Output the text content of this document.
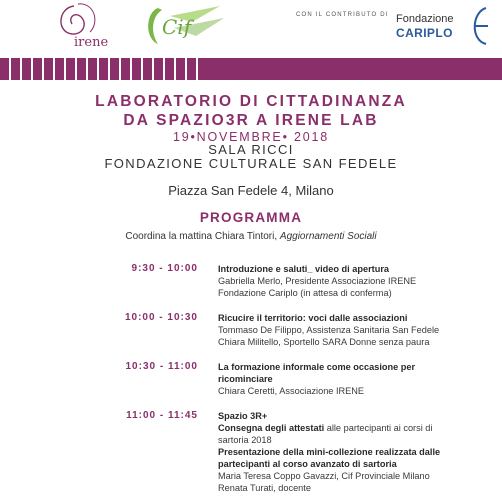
irene
Cif	CON IL CONTRIBUTO DI Fondazione
CARIPLO
LABORATORIO DI CITTADINANZA
DA SPAZIO3R A IRENE LAB
19•NOVEMBRE• 2018
SALA RICCI
FONDAZIONE CULTURALE SAN FEDELE
Piazza San Fedele 4, Milano
PROGRAMMA
Coordina la mattina Chiara Tintori, Aggiornamenti Sociali
9:30 - 10:00 Introduzione e saluti_ video di apertura
Gabriella Merlo, Presidente Associazione IRENE
Fondazione Cariplo (in attesa di conferma)
10:00 - 10:30 Ricucire il territorio: voci dalle associazioni
Tommaso De Filippo, Assistenza Sanitaria San Fedele
Chiara Militello, Sportello SARA Donne senza paura
10:30 - 11:00 La formazione informale come occasione per
ricominciare
Chiara Ceretti, Associazione IRENE
11:00 - 11:45 Spazio 3R+
Consegna degli attestati alle partecipanti ai corsi di
sartoria 2018
Presentazione della mini-collezione realizzata dalle
partecipanti al corso avanzato di sartoria
Maria Teresa Coppo Gavazzi, Cif Provinciale Milano
Renata Turati, docente
